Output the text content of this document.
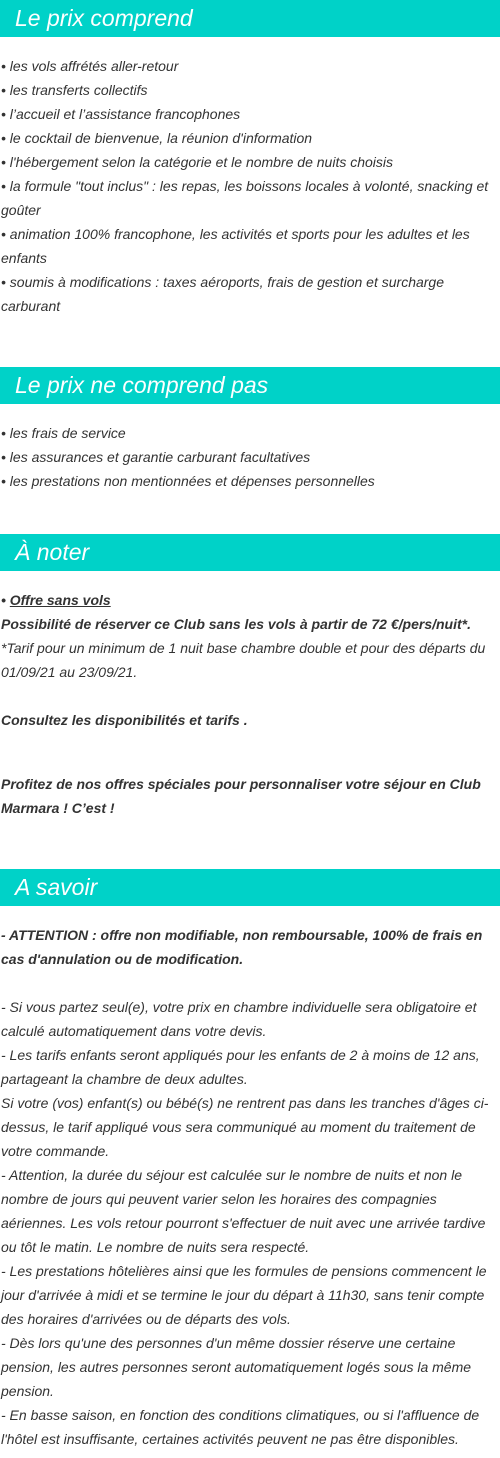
Le prix comprend

• les vols affrétés aller-retour

• les transferts collectifs

• l’accueil et l’assistance francophones

• le cocktail de bienvenue, la réunion d'information

• l'hébergement selon la catégorie et le nombre de nuits choisis

• la formule "tout inclus" : les repas, les boissons locales à volonté, snacking et goûter

• animation 100% francophone, les activités et sports pour les adultes et les enfants

• soumis à modifications : taxes aéroports, frais de gestion et surcharge carburant

Le prix ne comprend pas

• les frais de service

• les assurances et garantie carburant facultatives

• les prestations non mentionnées et dépenses personnelles

À noter

• Offre sans vols

Possibilité de réserver ce Club sans les vols à partir de 72 €/pers/nuit*.

*Tarif pour un minimum de 1 nuit base chambre double et pour des départs du 01/09/21 au 23/09/21.

Consultez les disponibilités et tarifs .

Profitez de nos offres spéciales pour personnaliser votre séjour en Club Marmara ! C’est !

A savoir

- ATTENTION : offre non modifiable, non remboursable, 100% de frais en cas d'annulation ou de modification.

- Si vous partez seul(e), votre prix en chambre individuelle sera obligatoire et calculé automatiquement dans votre devis.

- Les tarifs enfants seront appliqués pour les enfants de 2 à moins de 12 ans, partageant la chambre de deux adultes.

Si votre (vos) enfant(s) ou bébé(s) ne rentrent pas dans les tranches d'âges ci-dessus, le tarif appliqué vous sera communiqué au moment du traitement de votre commande.

- Attention, la durée du séjour est calculée sur le nombre de nuits et non le nombre de jours qui peuvent varier selon les horaires des compagnies aériennes. Les vols retour pourront s'effectuer de nuit avec une arrivée tardive ou tôt le matin. Le nombre de nuits sera respecté.

- Les prestations hôtelières ainsi que les formules de pensions commencent le jour d'arrivée à midi et se termine le jour du départ à 11h30, sans tenir compte des horaires d'arrivées ou de départs des vols.

- Dès lors qu'une des personnes d'un même dossier réserve une certaine pension, les autres personnes seront automatiquement logés sous la même pension.

- En basse saison, en fonction des conditions climatiques, ou si l'affluence de l'hôtel est insuffisante, certaines activités peuvent ne pas être disponibles.
